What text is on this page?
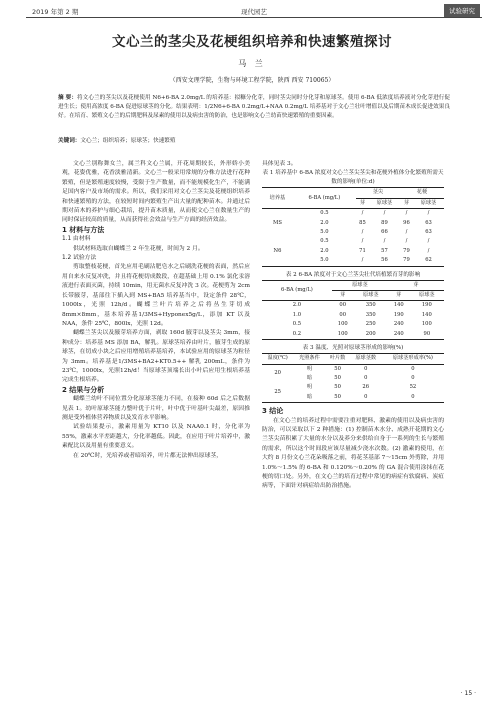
2019 年第 2 期	现代园艺	试验研究
文心兰的茎尖及花梗组织培养和快速繁殖探讨
马 兰
（西安文理学院，生物与环境工程学院，陕西 西安 710065）
摘 要：将文心兰的茎尖以及花梗使用 N6+6-BA 2.0mg/L 的培养基：拟糠分化芽，同时茎尖同时分化芽和原球茎。使用 6-BA 低浓度培养液对分化芽进行促进生长；使用高浓度 6-BA 促进原球茎的分化。结果表明：1/2N6+6-BA 0.2mg/L+NAA 0.2mg/L 培养基对于文心兰壮叶增值以及后期苗木成长促进效果良好。在培育、繁殖文心兰的后期肥料及尿素的使用以及病虫害的防治，也是影响文心兰幼苗快速繁殖的重要因素。
关键词：文心兰；组织培养；原球茎；快速繁殖

文心兰别称舞女兰，属兰科文心兰属，开花周期较长，外形娇小美观，花姿优雅，花香淡雅清新。文心兰一般采用常规的分株方法进行花种繁殖，但是繁殖速度较慢，受限于生产数量，而不能规模化生产，不能满足国内客户及市场的需求。所以，我们采用对文心兰茎尖及花梗组织培养和快速繁殖的方法，在较短时间内繁殖生产出大量的配种苗木。并通过后期对苗木的养护与细心栽培，提升苗木质量，从而使文心兰在数量生产的同时保证较高的质量，从而获得社会效益与生产方面的经济效益。

1 材料与方法

1.1 由材料

供试材料选取自蝴蝶兰 2 年生花梗，时间为 2 月。

1.2 试验方法

剪取整枝花梗，首先应用毛刷沾肥皂水之后刷洗花梗的表面，然后应用自来水反复冲洗，并且将花梗切成数段，在超基础上用 0.1% 氯化汞溶液进行表面灭菌，持续 10min，用无菌水反复冲洗 3 次。花梗剪为 2cm 长带腋芽，基部往下插入到 MS+BA5 培养基当中，设定条件 28℃，1000lx，光照 12h/d。蝴蝶兰叶片培养之后将丛生芽切成 8mm×8mm，基本培养基1/3MS+Hyponex5g/L，添加 KT 以及 NAA，条件 25℃，800lx，光照 12d。

蝴蝶兰茎尖以及腋芽培养方面，剥取 160d 腋芽以及茎尖 3mm，接种成分：培养基 MS 添加 BA，解乳。原球茎培养由叶片，腋芽生成的原球茎，在切成小块之后应用增殖培养基培养，本试验应用的原球茎为粒径为 3mm。培养基是1/3MS+BA2+KT0.5++ 解乳 200mL，条件为 23℃，1000lx，光照12h/d！当原球茎顶端长出小叶后应用生根培养基完成生根培养。

2 结果与分析

蝴蝶兰幼叶不同位置分化原球茎能力不同，在接种 60d 后之后数据见表 1。幼叶原球茎能力整叶优于片叶，叶中优于叶基叶尖最差，原因推测是受外植体营养物质以及发育水平影响。

试验结果提示，激素用量为 KT10 以及 NAA0.1 时，分化率为 55%，激素水平差距越大，分化率越低。因此，在应用于叶片培养中，激素配比以及用量有重要意义。

在 20℃时，光培养或者暗培养，叶片都无法伸出原球茎，

具体见表 3。

表 1 培养基中 6-BA 浓度对文心兰茎尖茎尖和花梗外植体分化繁殖所需天数的影响(单位:d)
培养基	6-BA (mg/L)	茎尖		花梗	
		芽	原球茎	芽	原球茎
MS	0.5	/	/	/	/
	2.0	85	89	96	63
	5.0	/	66	/	63
N6	0.5	/	/	/	/
	2.0	71	57	79	/
	5.0	/	56	79	62
表 2 6-BA 浓度对于文心兰茎尖壮代培植繁育芽的影响
6-BA (mg/L)	原球茎		芽	
	芽	原球茎	芽	原球茎
2.0	00	350	140	190
1.0	00	350	190	140
0.5	100	250	240	100
0.2	100	200	240	90
表 3 温度、光照对原球茎形成的影响(%)
温度(℃)	光照条件	叶片数	原球茎数	原球茎形成率(%)
20	明	50	0	0
	暗	50	0	0
25	明	50	26	52
	暗	50	0	0

3 结论

在文心兰的培养过程中需要注重对肥料、激素的使用以及病虫害的防治，可以采取以下 2 种措施：(1) 控制苗木水分、成熟开花期的文心兰茎尖苗积累了大量的水分以及养分来供给自身于一系列的生长与繁殖的需求，所以这个时间段应该尽量减少浇水次数。(2) 激素的使用，在大约 8 月份文心兰花朵吸落之前，将花茎基部 7～15cm 外剪除，并用 1.0%～1.5% 的 6-BA 和 0.120%～0.20% 的 GA 混合使用涂抹在花梗的切口处。另外，在文心兰的培育过程中常见的病症有软腐病、炭疽病等，下面针对病症给出防治措施。

· 15 ·
